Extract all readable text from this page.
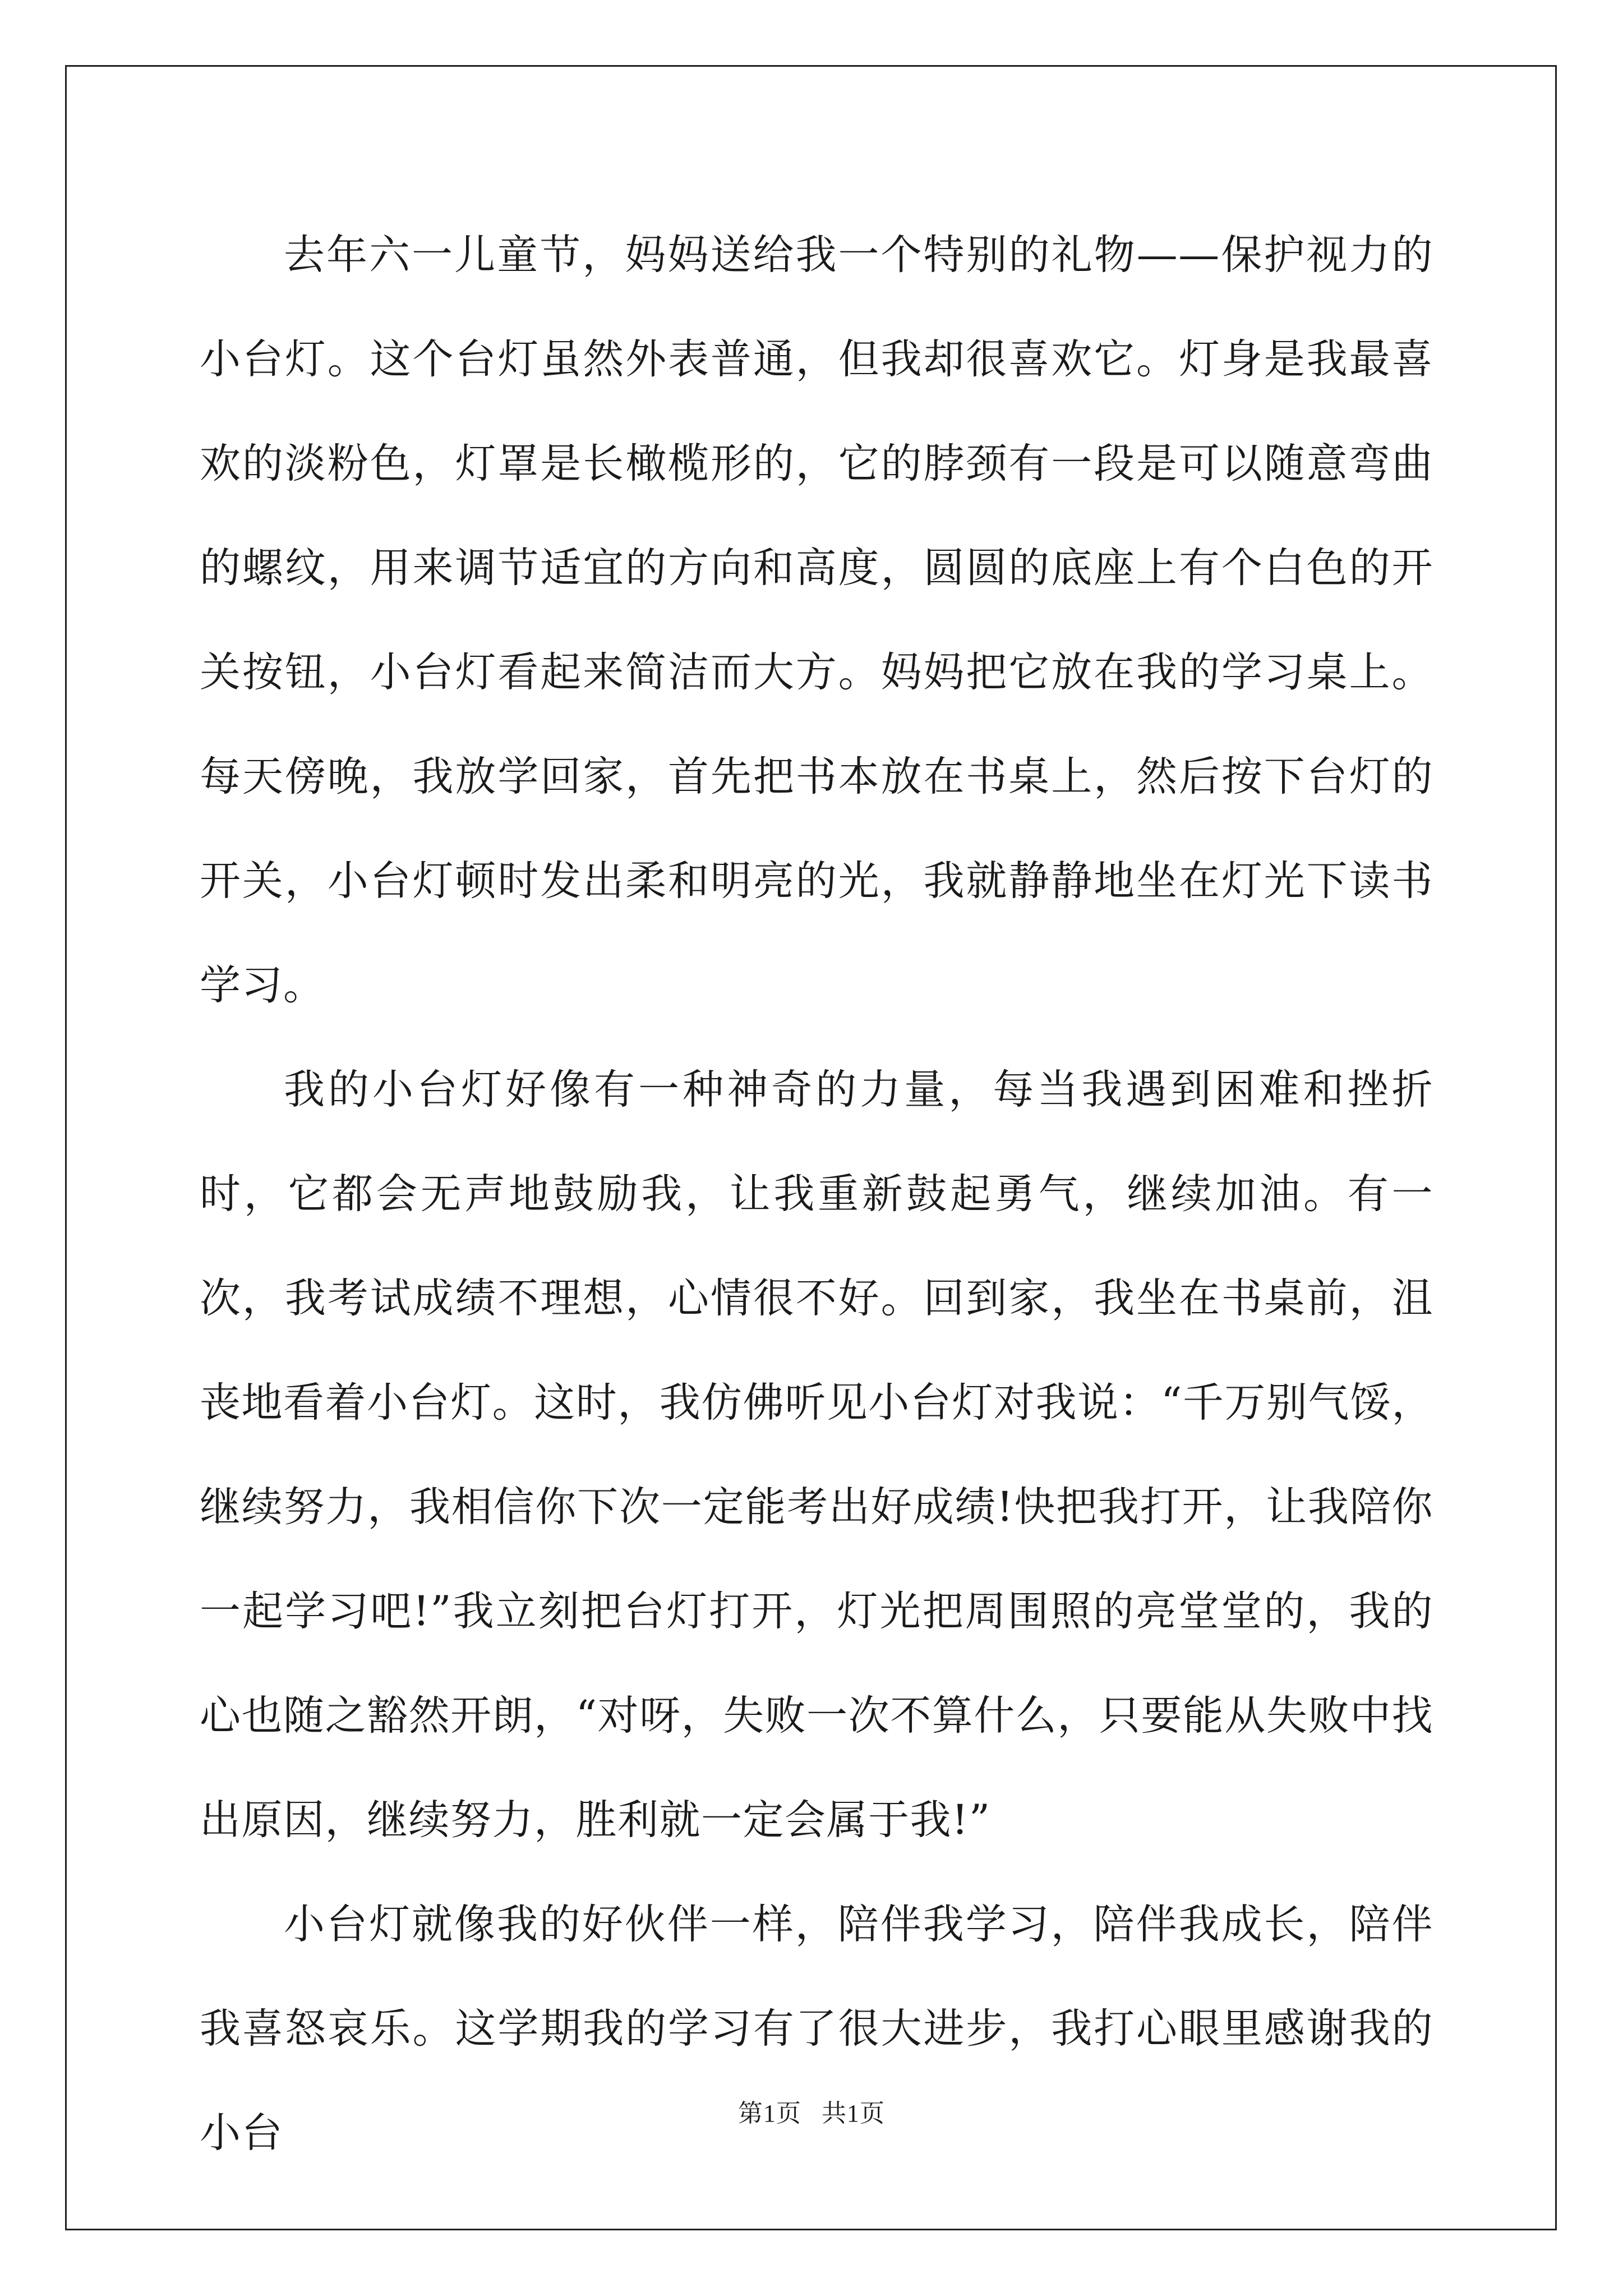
去年六一儿童节，妈妈送给我一个特别的礼物——保护视力的小台灯。这个台灯虽然外表普通，但我却很喜欢它。灯身是我最喜欢的淡粉色，灯罩是长橄榄形的，它的脖颈有一段是可以随意弯曲的螺纹，用来调节适宜的方向和高度，圆圆的底座上有个白色的开关按钮，小台灯看起来简洁而大方。妈妈把它放在我的学习桌上。每天傍晚，我放学回家，首先把书本放在书桌上，然后按下台灯的开关，小台灯顿时发出柔和明亮的光，我就静静地坐在灯光下读书学习。

我的小台灯好像有一种神奇的力量，每当我遇到困难和挫折时，它都会无声地鼓励我，让我重新鼓起勇气，继续加油。有一次，我考试成绩不理想，心情很不好。回到家，我坐在书桌前，沮丧地看着小台灯。这时，我仿佛听见小台灯对我说：“千万别气馁，继续努力，我相信你下次一定能考出好成绩!快把我打开，让我陪你一起学习吧!”我立刻把台灯打开，灯光把周围照的亮堂堂的，我的心也随之豁然开朗，“对呀，失败一次不算什么，只要能从失败中找出原因，继续努力，胜利就一定会属于我!”

小台灯就像我的好伙伴一样，陪伴我学习，陪伴我成长，陪伴我喜怒哀乐。这学期我的学习有了很大进步，我打心眼里感谢我的小台	第1页   共1页
